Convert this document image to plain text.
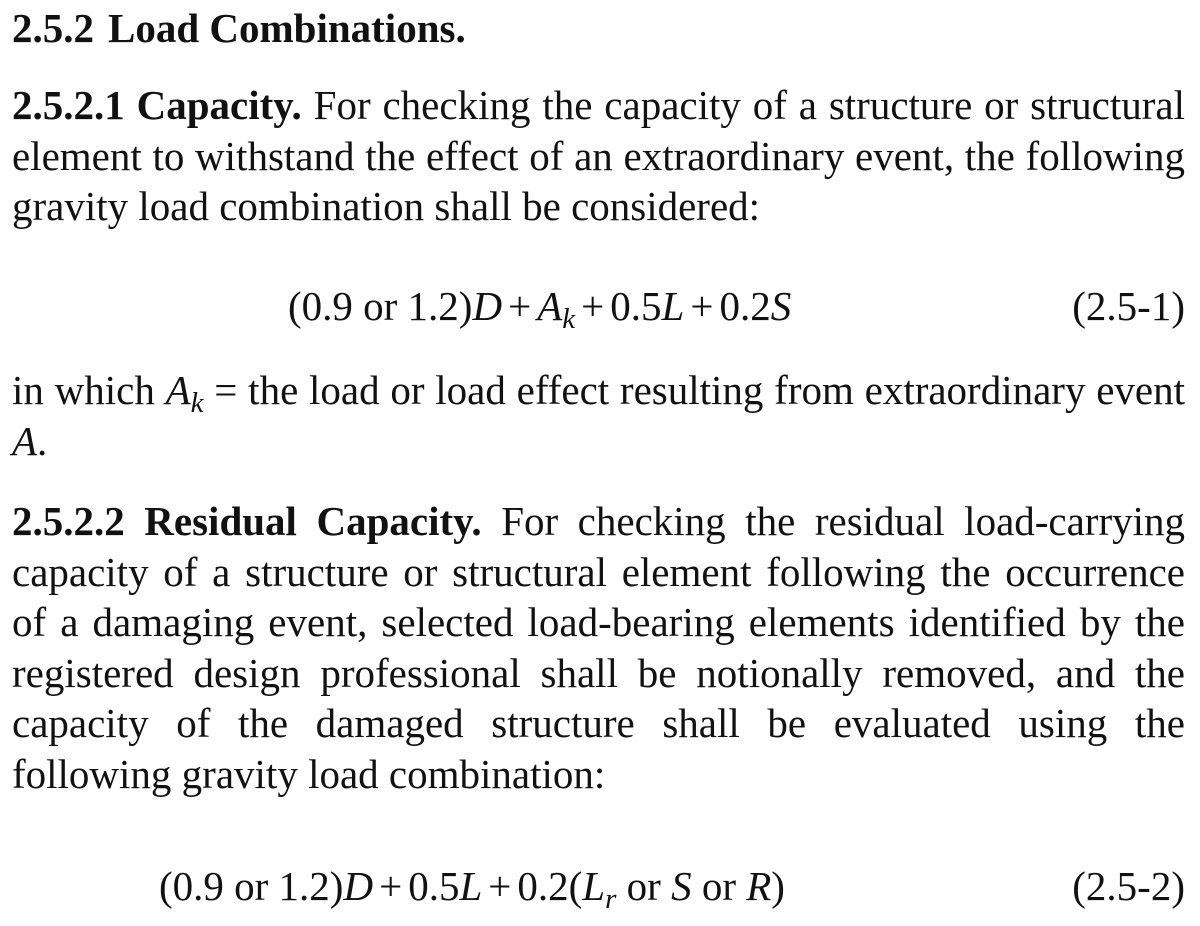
2.5.2 Load Combinations.

2.5.2.1 Capacity. For checking the capacity of a structure or structural element to withstand the effect of an extraordinary event, the following gravity load combination shall be considered:

(0.9 or $1.2)D + A_k + 0.5L + 0.2S$	(2.5-1)

in which $A_k$ = the load or load effect resulting from extraordinary event A.

2.5.2.2 Residual Capacity. For checking the residual load-carrying capacity of a structure or structural element following the occurrence of a damaging event, selected load-bearing elements identified by the registered design professional shall be notionally removed, and the capacity of the damaged structure shall be evaluated using the following gravity load combination:

(0.9 or $1.2)D + 0.5L + 0.2(L_r$ or S or R)	(2.5-2)
